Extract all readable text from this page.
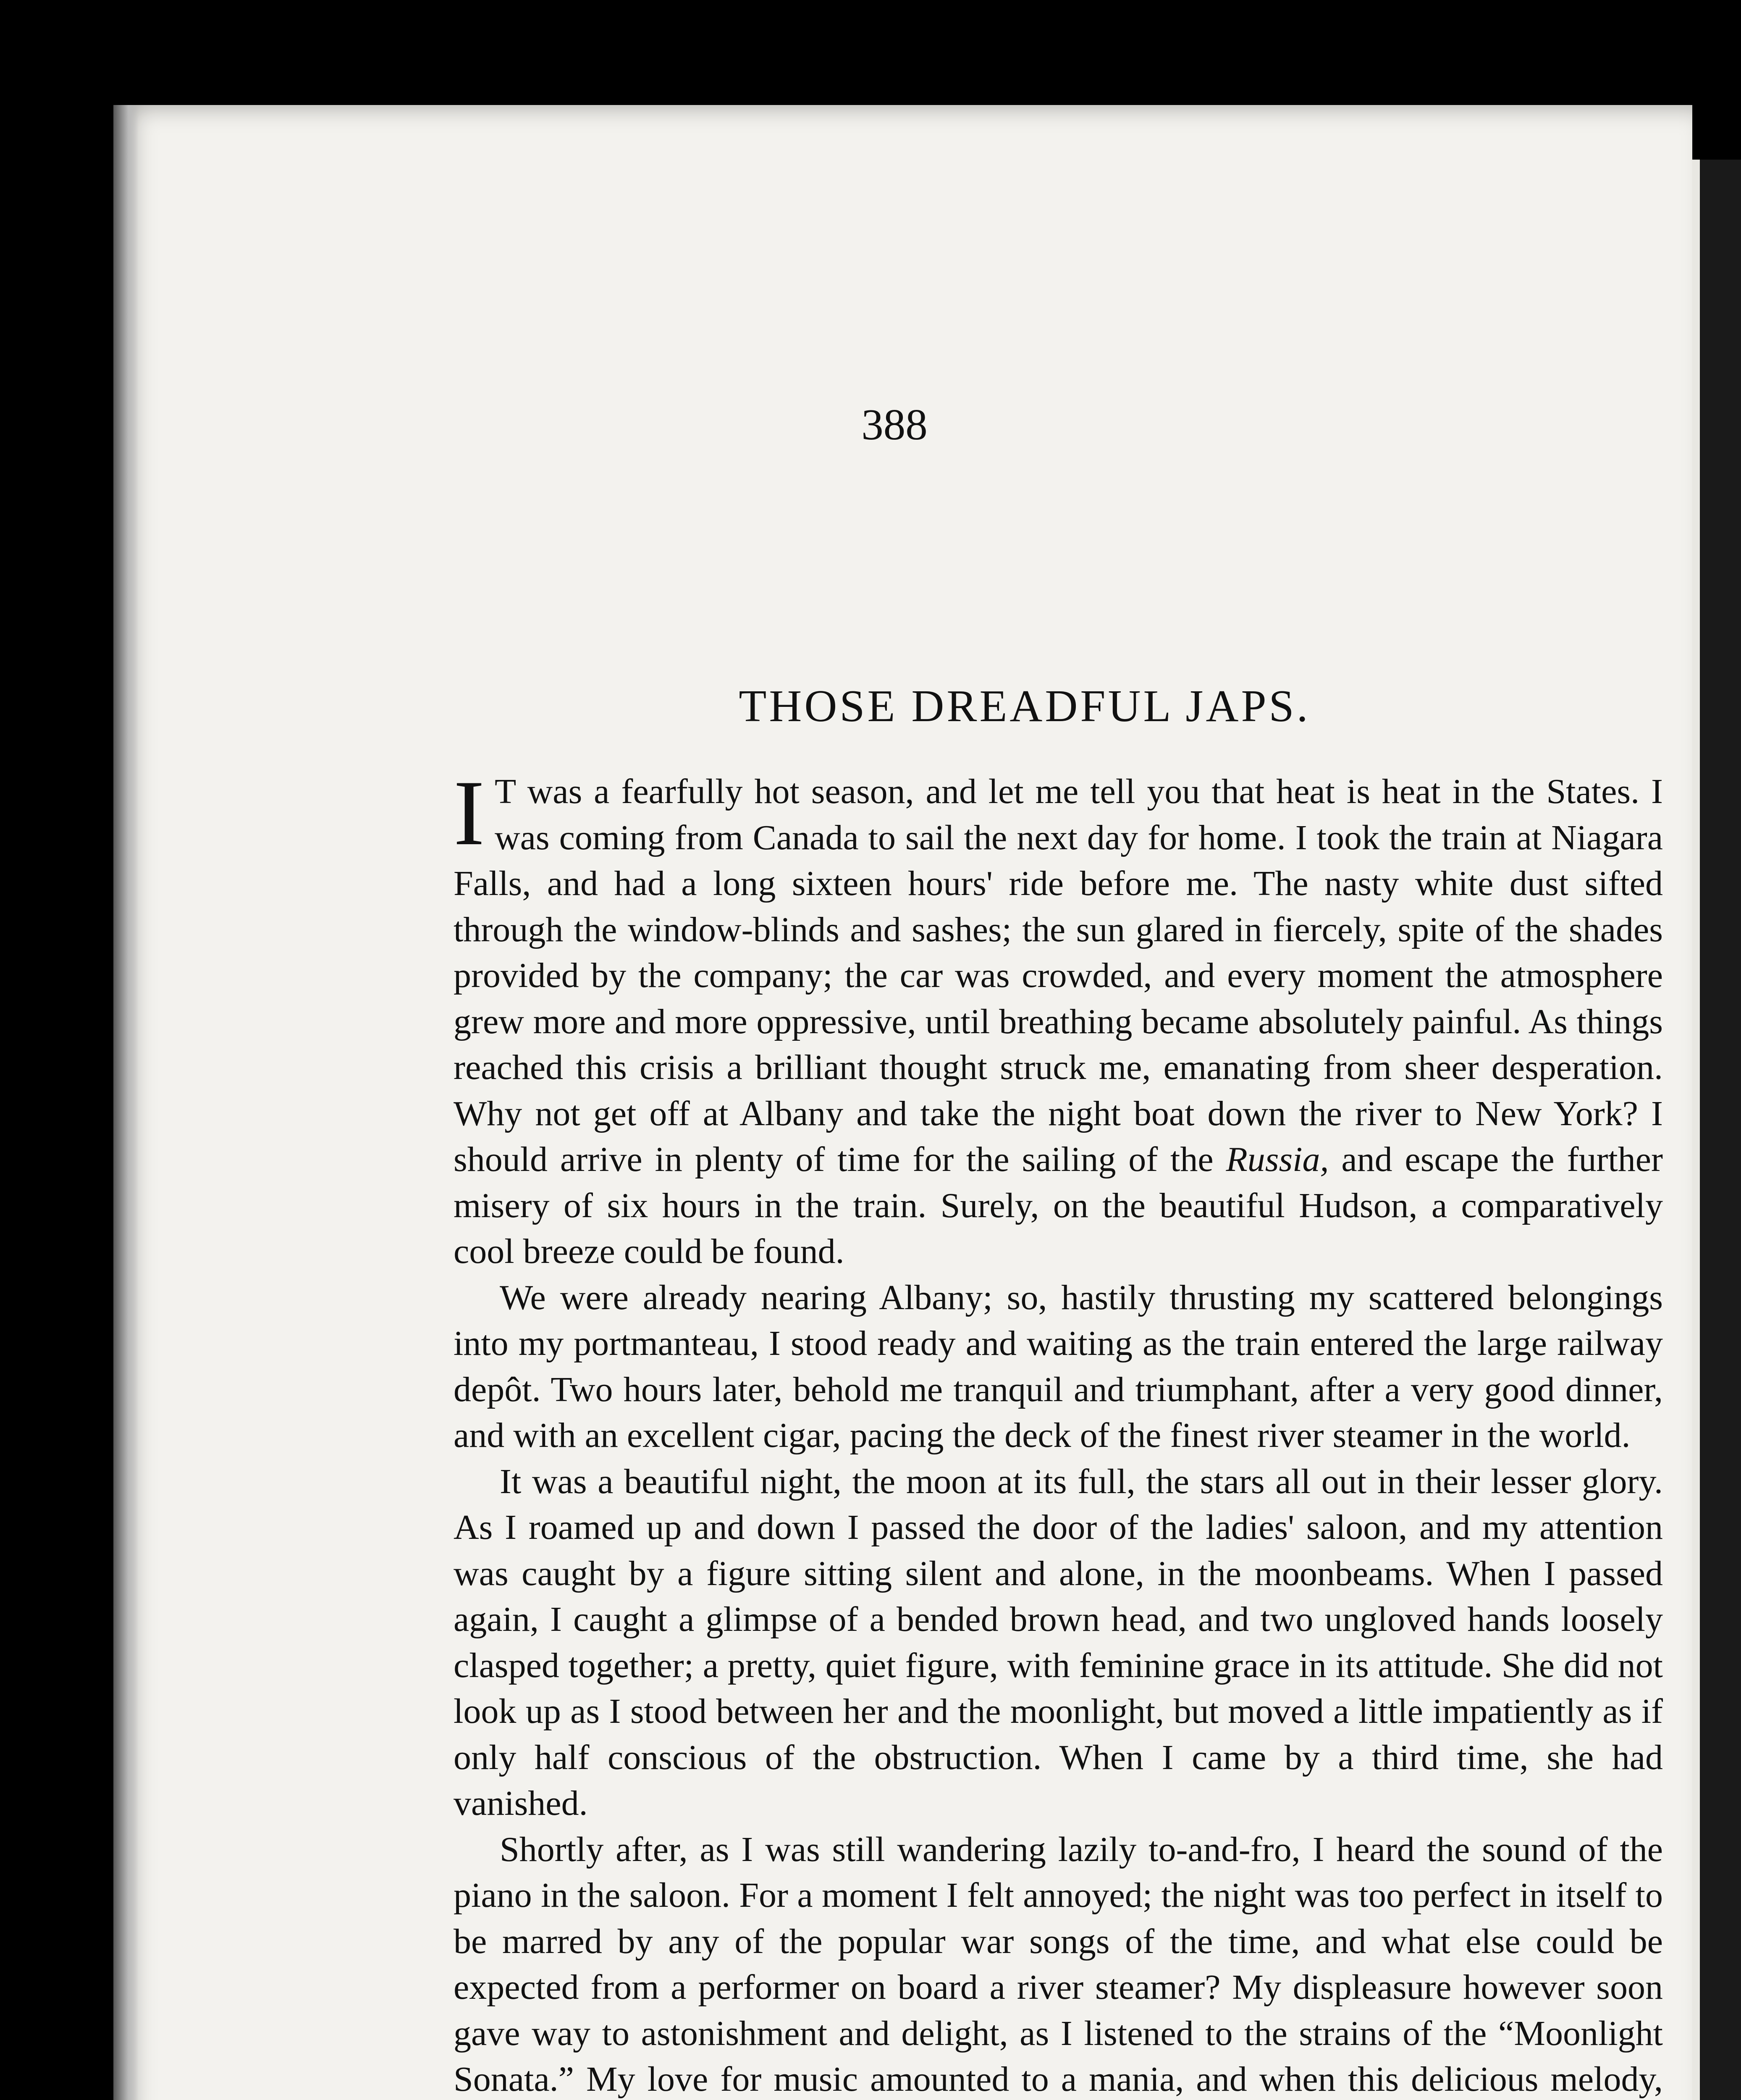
388
THOSE DREADFUL JAPS.

I T was a fearfully hot season, and let me tell you that heat is heat in the States. I was coming from Canada to sail the next day for home. I took the train at Niagara Falls, and had a long sixteen hours' ride before me. The nasty white dust sifted through the window-blinds and sashes; the sun glared in fiercely, spite of the shades provided by the company; the car was crowded, and every moment the atmosphere grew more and more oppressive, until breathing became absolutely painful. As things reached this crisis a brilliant thought struck me, emanating from sheer desperation. Why not get off at Albany and take the night boat down the river to New York? I should arrive in plenty of time for the sailing of the Russia, and escape the further misery of six hours in the train. Surely, on the beautiful Hudson, a comparatively cool breeze could be found.

We were already nearing Albany; so, hastily thrusting my scattered belongings into my portmanteau, I stood ready and waiting as the train entered the large railway depôt. Two hours later, behold me tranquil and triumphant, after a very good dinner, and with an excellent cigar, pacing the deck of the finest river steamer in the world.

It was a beautiful night, the moon at its full, the stars all out in their lesser glory. As I roamed up and down I passed the door of the ladies' saloon, and my attention was caught by a figure sitting silent and alone, in the moonbeams. When I passed again, I caught a glimpse of a bended brown head, and two ungloved hands loosely clasped together; a pretty, quiet figure, with feminine grace in its attitude. She did not look up as I stood between her and the moonlight, but moved a little impatiently as if only half conscious of the obstruction. When I came by a third time, she had vanished.

Shortly after, as I was still wandering lazily to-and-fro, I heard the sound of the piano in the saloon. For a moment I felt annoyed; the night was too perfect in itself to be marred by any of the popular war songs of the time, and what else could be expected from a performer on board a river steamer? My displeasure however soon gave way to astonishment and delight, as I listened to the strains of the “Moonlight Sonata.” My love for music amounted to a mania, and when this delicious melody,
